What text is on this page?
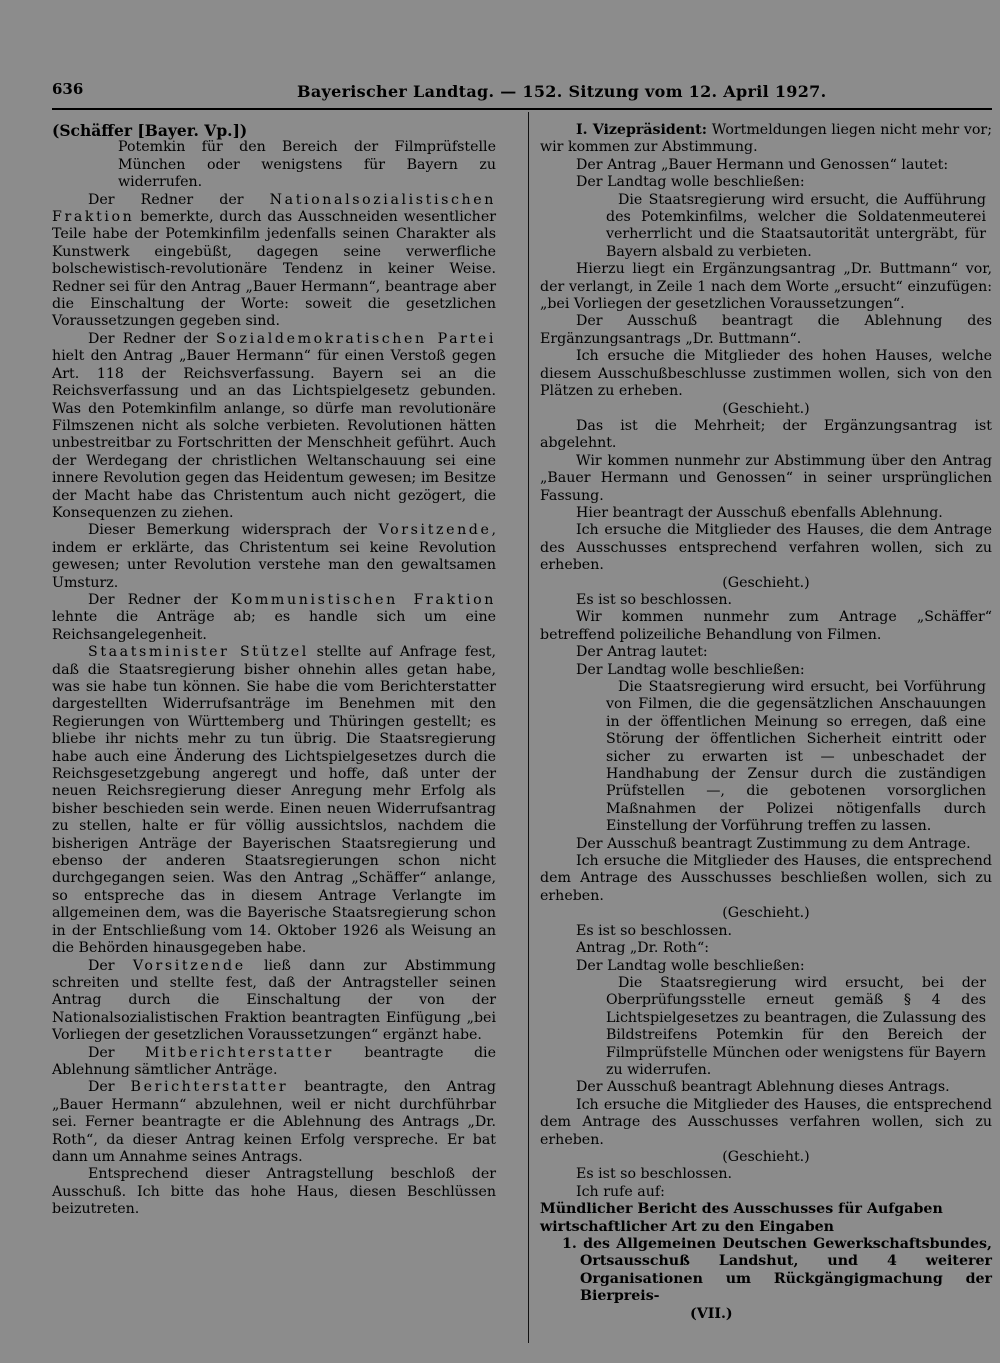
636	Bayerischer Landtag. — 152. Sitzung vom 12. April 1927.

(Schäffer [Bayer. Vp.])

Potemkin für den Bereich der Filmprüfstelle München oder wenigstens für Bayern zu widerrufen.

Der Redner der Nationalsozialistischen Fraktion bemerkte, durch das Ausschneiden wesentlicher Teile habe der Potemkinfilm jedenfalls seinen Charakter als Kunstwerk eingebüßt, dagegen seine verwerfliche bolschewistisch-revolutionäre Tendenz in keiner Weise. Redner sei für den Antrag „Bauer Hermann“, beantrage aber die Einschaltung der Worte: soweit die gesetzlichen Voraussetzungen gegeben sind.

Der Redner der Sozialdemokratischen Partei hielt den Antrag „Bauer Hermann“ für einen Verstoß gegen Art. 118 der Reichsverfassung. Bayern sei an die Reichsverfassung und an das Lichtspielgesetz gebunden. Was den Potemkinfilm anlange, so dürfe man revolutionäre Filmszenen nicht als solche verbieten. Revolutionen hätten unbestreitbar zu Fortschritten der Menschheit geführt. Auch der Werdegang der christlichen Weltanschauung sei eine innere Revolution gegen das Heidentum gewesen; im Besitze der Macht habe das Christentum auch nicht gezögert, die Konsequenzen zu ziehen.

Dieser Bemerkung widersprach der Vorsitzende, indem er erklärte, das Christentum sei keine Revolution gewesen; unter Revolution verstehe man den gewaltsamen Umsturz.

Der Redner der Kommunistischen Fraktion lehnte die Anträge ab; es handle sich um eine Reichsangelegenheit.

Staatsminister Stützel stellte auf Anfrage fest, daß die Staatsregierung bisher ohnehin alles getan habe, was sie habe tun können. Sie habe die vom Berichterstatter dargestellten Widerrufsanträge im Benehmen mit den Regierungen von Württemberg und Thüringen gestellt; es bliebe ihr nichts mehr zu tun übrig. Die Staatsregierung habe auch eine Änderung des Lichtspielgesetzes durch die Reichsgesetzgebung angeregt und hoffe, daß unter der neuen Reichsregierung dieser Anregung mehr Erfolg als bisher beschieden sein werde. Einen neuen Widerrufsantrag zu stellen, halte er für völlig aussichtslos, nachdem die bisherigen Anträge der Bayerischen Staatsregierung und ebenso der anderen Staatsregierungen schon nicht durchgegangen seien. Was den Antrag „Schäffer“ anlange, so entspreche das in diesem Antrage Verlangte im allgemeinen dem, was die Bayerische Staatsregierung schon in der Entschließung vom 14. Oktober 1926 als Weisung an die Behörden hinausgegeben habe.

Der Vorsitzende ließ dann zur Abstimmung schreiten und stellte fest, daß der Antragsteller seinen Antrag durch die Einschaltung der von der Nationalsozialistischen Fraktion beantragten Einfügung „bei Vorliegen der gesetzlichen Voraussetzungen“ ergänzt habe.

Der Mitberichterstatter beantragte die Ablehnung sämtlicher Anträge.

Der Berichterstatter beantragte, den Antrag „Bauer Hermann“ abzulehnen, weil er nicht durchführbar sei. Ferner beantragte er die Ablehnung des Antrags „Dr. Roth“, da dieser Antrag keinen Erfolg verspreche. Er bat dann um Annahme seines Antrags.

Entsprechend dieser Antragstellung beschloß der Ausschuß. Ich bitte das hohe Haus, diesen Beschlüssen beizutreten.

I. Vizepräsident: Wortmeldungen liegen nicht mehr vor; wir kommen zur Abstimmung.

Der Antrag „Bauer Hermann und Genossen“ lautet:

Der Landtag wolle beschließen:

Die Staatsregierung wird ersucht, die Aufführung des Potemkinfilms, welcher die Soldatenmeuterei verherrlicht und die Staatsautorität untergräbt, für Bayern alsbald zu verbieten.

Hierzu liegt ein Ergänzungsantrag „Dr. Buttmann“ vor, der verlangt, in Zeile 1 nach dem Worte „ersucht“ einzufügen: „bei Vorliegen der gesetzlichen Voraussetzungen“.

Der Ausschuß beantragt die Ablehnung des Ergänzungsantrags „Dr. Buttmann“.

Ich ersuche die Mitglieder des hohen Hauses, welche diesem Ausschußbeschlusse zustimmen wollen, sich von den Plätzen zu erheben.

(Geschieht.)

Das ist die Mehrheit; der Ergänzungsantrag ist abgelehnt.

Wir kommen nunmehr zur Abstimmung über den Antrag „Bauer Hermann und Genossen“ in seiner ursprünglichen Fassung.

Hier beantragt der Ausschuß ebenfalls Ablehnung.

Ich ersuche die Mitglieder des Hauses, die dem Antrage des Ausschusses entsprechend verfahren wollen, sich zu erheben.

(Geschieht.)

Es ist so beschlossen.

Wir kommen nunmehr zum Antrage „Schäffer“ betreffend polizeiliche Behandlung von Filmen.

Der Antrag lautet:

Der Landtag wolle beschließen:

Die Staatsregierung wird ersucht, bei Vorführung von Filmen, die die gegensätzlichen Anschauungen in der öffentlichen Meinung so erregen, daß eine Störung der öffentlichen Sicherheit eintritt oder sicher zu erwarten ist — unbeschadet der Handhabung der Zensur durch die zuständigen Prüfstellen —, die gebotenen vorsorglichen Maßnahmen der Polizei nötigenfalls durch Einstellung der Vorführung treffen zu lassen.

Der Ausschuß beantragt Zustimmung zu dem Antrage.

Ich ersuche die Mitglieder des Hauses, die entsprechend dem Antrage des Ausschusses beschließen wollen, sich zu erheben.

(Geschieht.)

Es ist so beschlossen.

Antrag „Dr. Roth“:

Der Landtag wolle beschließen:

Die Staatsregierung wird ersucht, bei der Oberprüfungsstelle erneut gemäß § 4 des Lichtspielgesetzes zu beantragen, die Zulassung des Bildstreifens Potemkin für den Bereich der Filmprüfstelle München oder wenigstens für Bayern zu widerrufen.

Der Ausschuß beantragt Ablehnung dieses Antrags.

Ich ersuche die Mitglieder des Hauses, die entsprechend dem Antrage des Ausschusses verfahren wollen, sich zu erheben.

(Geschieht.)

Es ist so beschlossen.

Ich rufe auf:

Mündlicher Bericht des Ausschusses für Aufgaben wirtschaftlicher Art zu den Eingaben

1. des Allgemeinen Deutschen Gewerkschaftsbundes, Ortsausschuß Landshut, und 4 weiterer Organisationen um Rückgängigmachung der Bierpreis-

(VII.)
